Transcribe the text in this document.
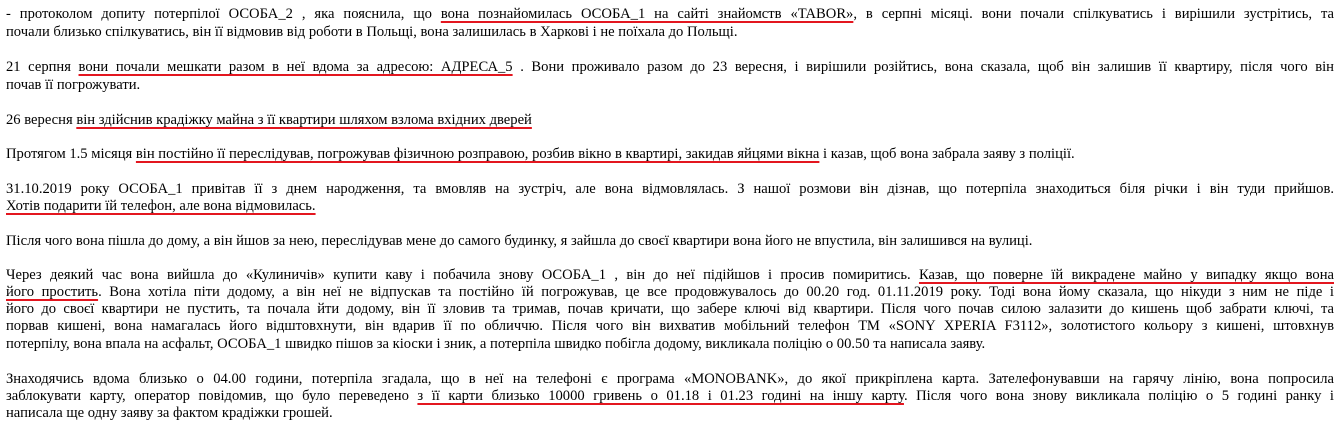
- протоколом допиту потерпілої ОСОБА_2 , яка пояснила, що вона познайомилась ОСОБА_1 на сайті знайомств «TABOR», в серпні місяці. вони почали спілкуватись і вирішили зустрітись, та
почали близько спілкуватись, він її відмовив від роботи в Польщі, вона залишилась в Харкові і не поїхала до Польщі.
21 серпня вони почали мешкати разом в неї вдома за адресою: АДРЕСА_5 . Вони проживало разом до 23 вересня, і вирішили розійтись, вона сказала, щоб він залишив її квартиру, після чого він
почав її погрожувати.
26 вересня він здійснив крадіжку майна з її квартири шляхом взлома вхідних дверей
Протягом 1.5 місяця він постійно її переслідував, погрожував фізичною розправою, розбив вікно в квартирі, закидав яйцями вікна і казав, щоб вона забрала заяву з поліції.
31.10.2019 року ОСОБА_1 привітав її з днем народження, та вмовляв на зустріч, але вона відмовлялась. З нашої розмови він дізнав, що потерпіла знаходиться біля річки і він туди прийшов.
Хотів подарити їй телефон, але вона відмовилась.
Після чого вона пішла до дому, а він йшов за нею, переслідував мене до самого будинку, я зайшла до своєї квартири вона його не впустила, він залишився на вулиці.
Через деякий час вона вийшла до «Кулиничів» купити каву і побачила знову ОСОБА_1 , він до неї підійшов і просив помиритись. Казав, що поверне їй викрадене майно у випадку якщо вона
його простить. Вона хотіла піти додому, а він неї не відпускав та постійно їй погрожував, це все продовжувалось до 00.20 год. 01.11.2019 року. Тоді вона йому сказала, що нікуди з ним не піде і
його до своєї квартири не пустить, та почала йти додому, він її зловив та тримав, почав кричати, що забере ключі від квартири. Після чого почав силою залазити до кишень щоб забрати ключі, та
порвав кишені, вона намагалась його відштовхнути, він вдарив її по обличчю. Після чого він вихватив мобільний телефон ТМ «SONY XPERIA F3112», золотистого кольору з кишені, штовхнув
потерпілу, вона впала на асфальт, ОСОБА_1 швидко пішов за кіоски і зник, а потерпіла швидко побігла додому, викликала поліцію о 00.50 та написала заяву.
Знаходячись вдома близько о 04.00 години, потерпіла згадала, що в неї на телефоні є програма «MONOBANK», до якої прикріплена карта. Зателефонувавши на гарячу лінію, вона попросила
заблокувати карту, оператор повідомив, що було переведено з її карти близько 10000 гривень о 01.18 і 01.23 годині на іншу карту. Після чого вона знову викликала поліцію о 5 годині ранку і
написала ще одну заяву за фактом крадіжки грошей.
